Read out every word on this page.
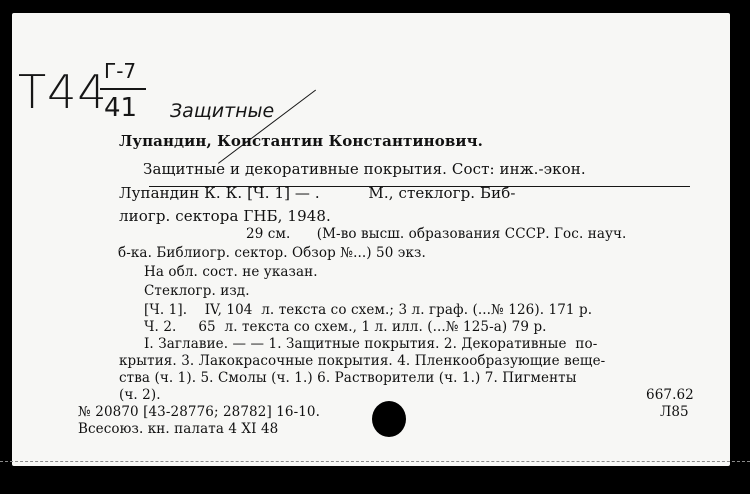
Т44
Г-7
41 Защитные
Лупандин, Константин Константинович.
Защитные и декоративные покрытия. Сост: инж.-экон.
Лупандин К. К. [Ч. 1] — .          М., стеклогр. Биб-
лиогр. сектора ГНБ, 1948.
29 см.      (М-во высш. образования СССР. Гос. науч.
б-ка. Библиогр. сектор. Обзор №...) 50 экз.
На обл. сост. не указан.
Стеклогр. изд.
[Ч. 1].    IV, 104  л. текста со схем.; 3 л. граф. (...№ 126). 171 р.
Ч. 2.     65  л. текста со схем., 1 л. илл. (...№ 125-а) 79 р.
I. Заглавие. — — 1. Защитные покрытия. 2. Декоративные  по-
крытия. 3. Лакокрасочные покрытия. 4. Пленкообразующие веще-
ства (ч. 1). 5. Смолы (ч. 1.) 6. Растворители (ч. 1.) 7. Пигменты
(ч. 2).	667.62
№ 20870 [43-28776; 28782] 16-10.	Л85
Всесоюз. кн. палата 4 XI 48
